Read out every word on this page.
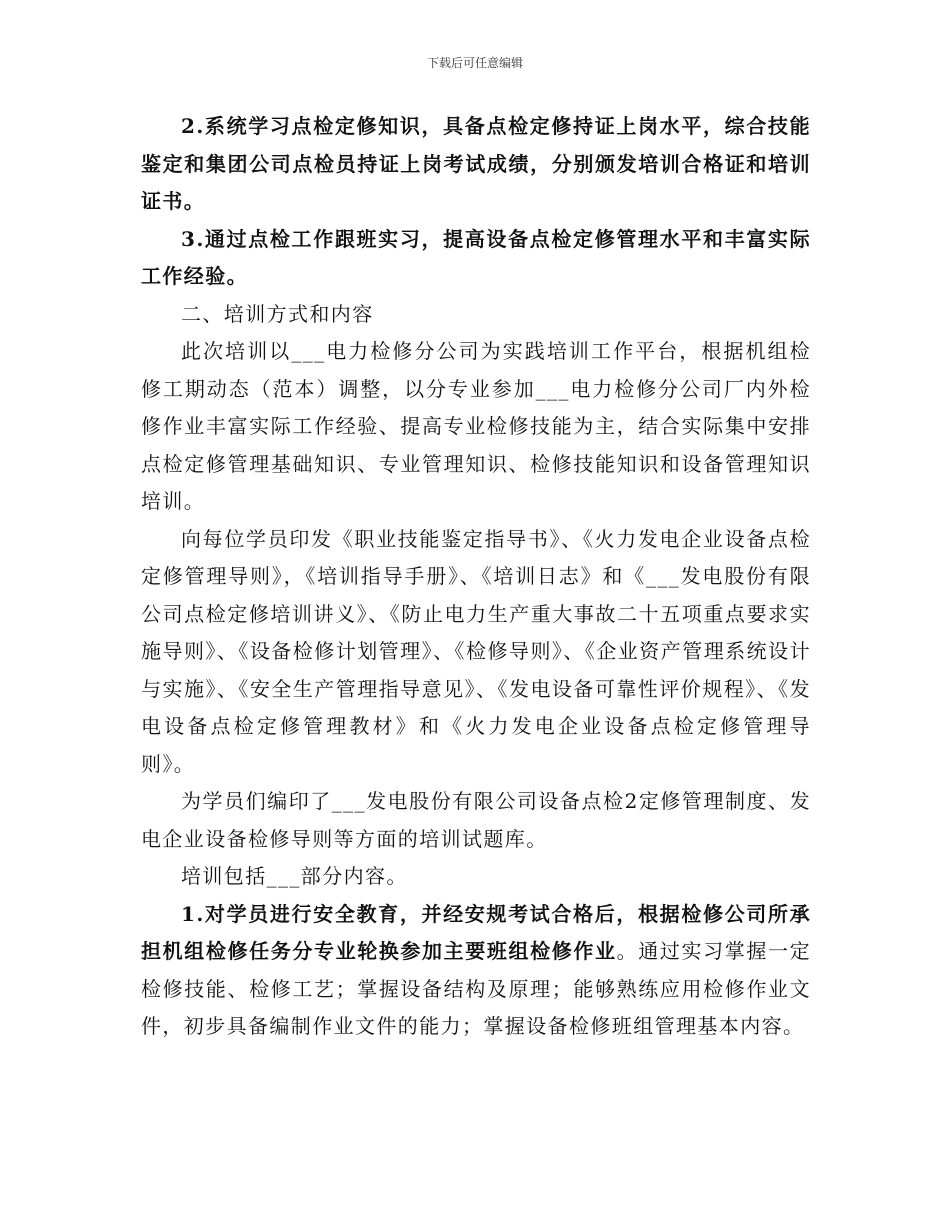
下载后可任意编辑

2.系统学习点检定修知识，具备点检定修持证上岗水平，综合技能鉴定和集团公司点检员持证上岗考试成绩，分别颁发培训合格证和培训证书。

3.通过点检工作跟班实习，提高设备点检定修管理水平和丰富实际工作经验。

二、培训方式和内容

此次培训以___电力检修分公司为实践培训工作平台，根据机组检修工期动态（范本）调整，以分专业参加___电力检修分公司厂内外检修作业丰富实际工作经验、提高专业检修技能为主，结合实际集中安排点检定修管理基础知识、专业管理知识、检修技能知识和设备管理知识培训。

向每位学员印发《职业技能鉴定指导书》、《火力发电企业设备点检定修管理导则》，《培训指导手册》、《培训日志》和《___发电股份有限公司点检定修培训讲义》、《防止电力生产重大事故二十五项重点要求实施导则》、《设备检修计划管理》、《检修导则》、《企业资产管理系统设计与实施》、《安全生产管理指导意见》、《发电设备可靠性评价规程》、《发电设备点检定修管理教材》和《火力发电企业设备点检定修管理导则》。

为学员们编印了___发电股份有限公司设备点检2定修管理制度、发电企业设备检修导则等方面的培训试题库。

培训包括___部分内容。

1.对学员进行安全教育，并经安规考试合格后，根据检修公司所承担机组检修任务分专业轮换参加主要班组检修作业。通过实习掌握一定检修技能、检修工艺；掌握设备结构及原理；能够熟练应用检修作业文件，初步具备编制作业文件的能力；掌握设备检修班组管理基本内容。
